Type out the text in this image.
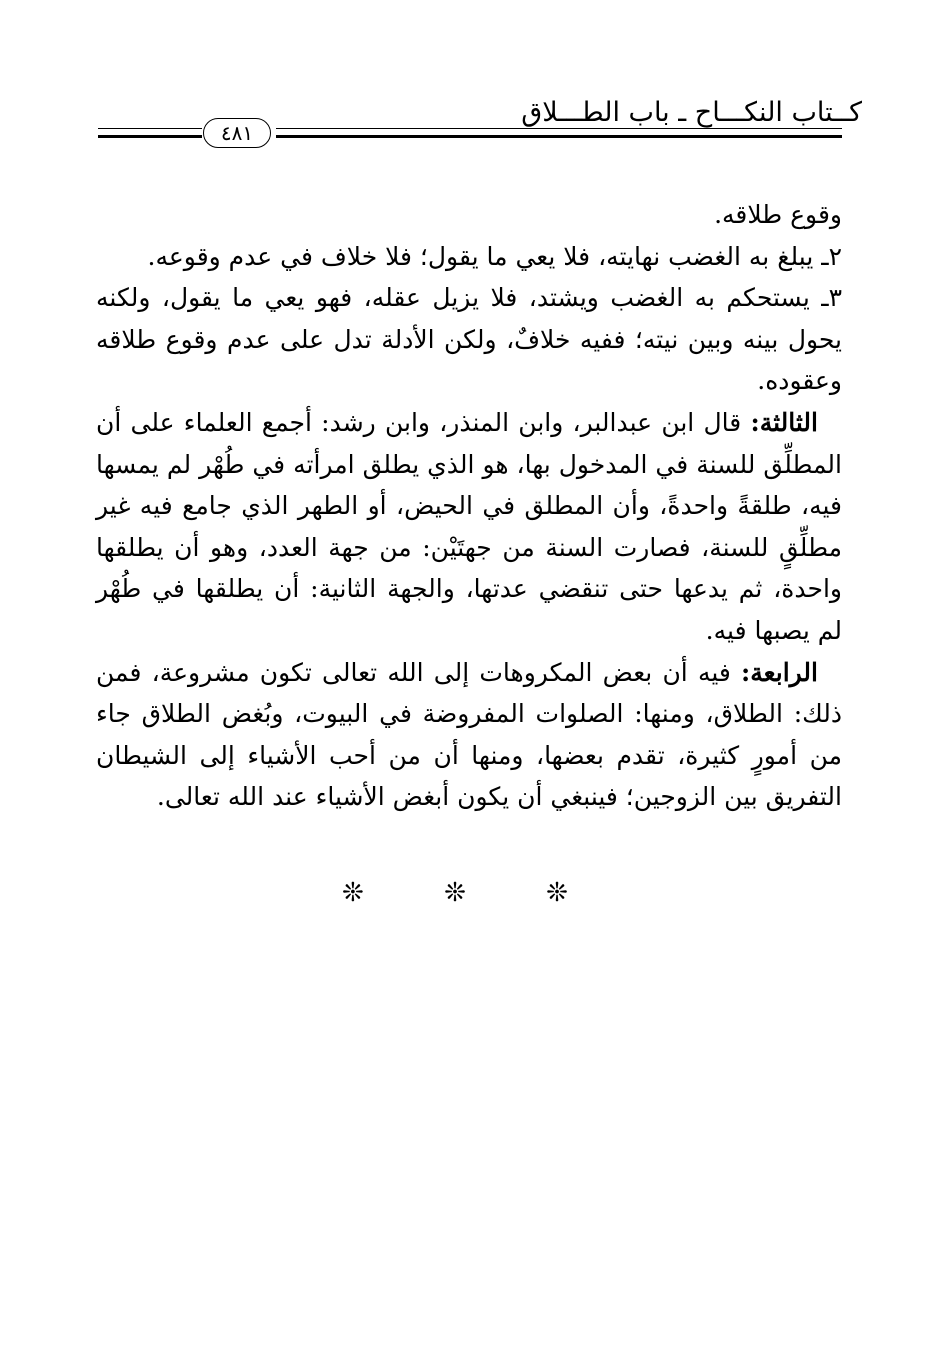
كــتاب النكـــاح ـ باب الطـــلاق
٤٨١

وقوع طلاقه.

٢ـ يبلغ به الغضب نهايته، فلا يعي ما يقول؛ فلا خلاف في عدم وقوعه.

٣ـ يستحكم به الغضب ويشتد، فلا يزيل عقله، فهو يعي ما يقول، ولكنه يحول بينه وبين نيته؛ ففيه خلافٌ، ولكن الأدلة تدل على عدم وقوع طلاقه وعقوده.

الثالثة: قال ابن عبدالبر، وابن المنذر، وابن رشد: أجمع العلماء على أن المطلِّق للسنة في المدخول بها، هو الذي يطلق امرأته في طُهْر لم يمسها فيه، طلقةً واحدةً، وأن المطلق في الحيض، أو الطهر الذي جامع فيه غير مطلِّقٍ للسنة، فصارت السنة من جهتَيْن: من جهة العدد، وهو أن يطلقها واحدة، ثم يدعها حتى تنقضي عدتها، والجهة الثانية: أن يطلقها في طُهْر لم يصبها فيه.

الرابعة: فيه أن بعض المكروهات إلى الله تعالى تكون مشروعة، فمن ذلك: الطلاق، ومنها: الصلوات المفروضة في البيوت، وبُغض الطلاق جاء من أمورٍ كثيرة، تقدم بعضها، ومنها أن من أحب الأشياء إلى الشيطان التفريق بين الزوجين؛ فينبغي أن يكون أبغض الأشياء عند الله تعالى.

❊ ❊ ❊
